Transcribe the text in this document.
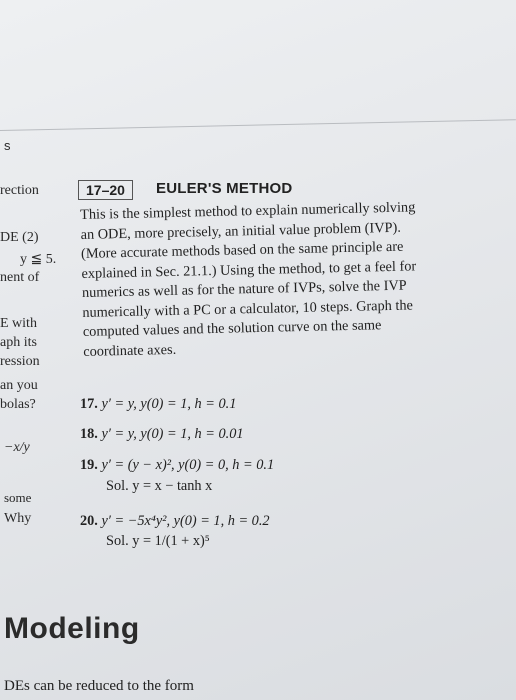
s
rection
DE (2)
y ≦ 5.
nent of
E with
aph its
ression
an you
bolas?
−x/y
some
Why
17–20	EULER'S METHOD
This is the simplest method to explain numerically solving
an ODE, more precisely, an initial value problem (IVP).
(More accurate methods based on the same principle are
explained in Sec. 21.1.) Using the method, to get a feel for
numerics as well as for the nature of IVPs, solve the IVP
numerically with a PC or a calculator, 10 steps. Graph the
computed values and the solution curve on the same
coordinate axes.
17. y′ = y, y(0) = 1, h = 0.1
18. y′ = y, y(0) = 1, h = 0.01
19. y′ = (y − x)², y(0) = 0, h = 0.1
Sol. y = x − tanh x
20. y′ = −5x⁴y², y(0) = 1, h = 0.2
Sol. y = 1/(1 + x)⁵
Modeling
DEs can be reduced to the form
